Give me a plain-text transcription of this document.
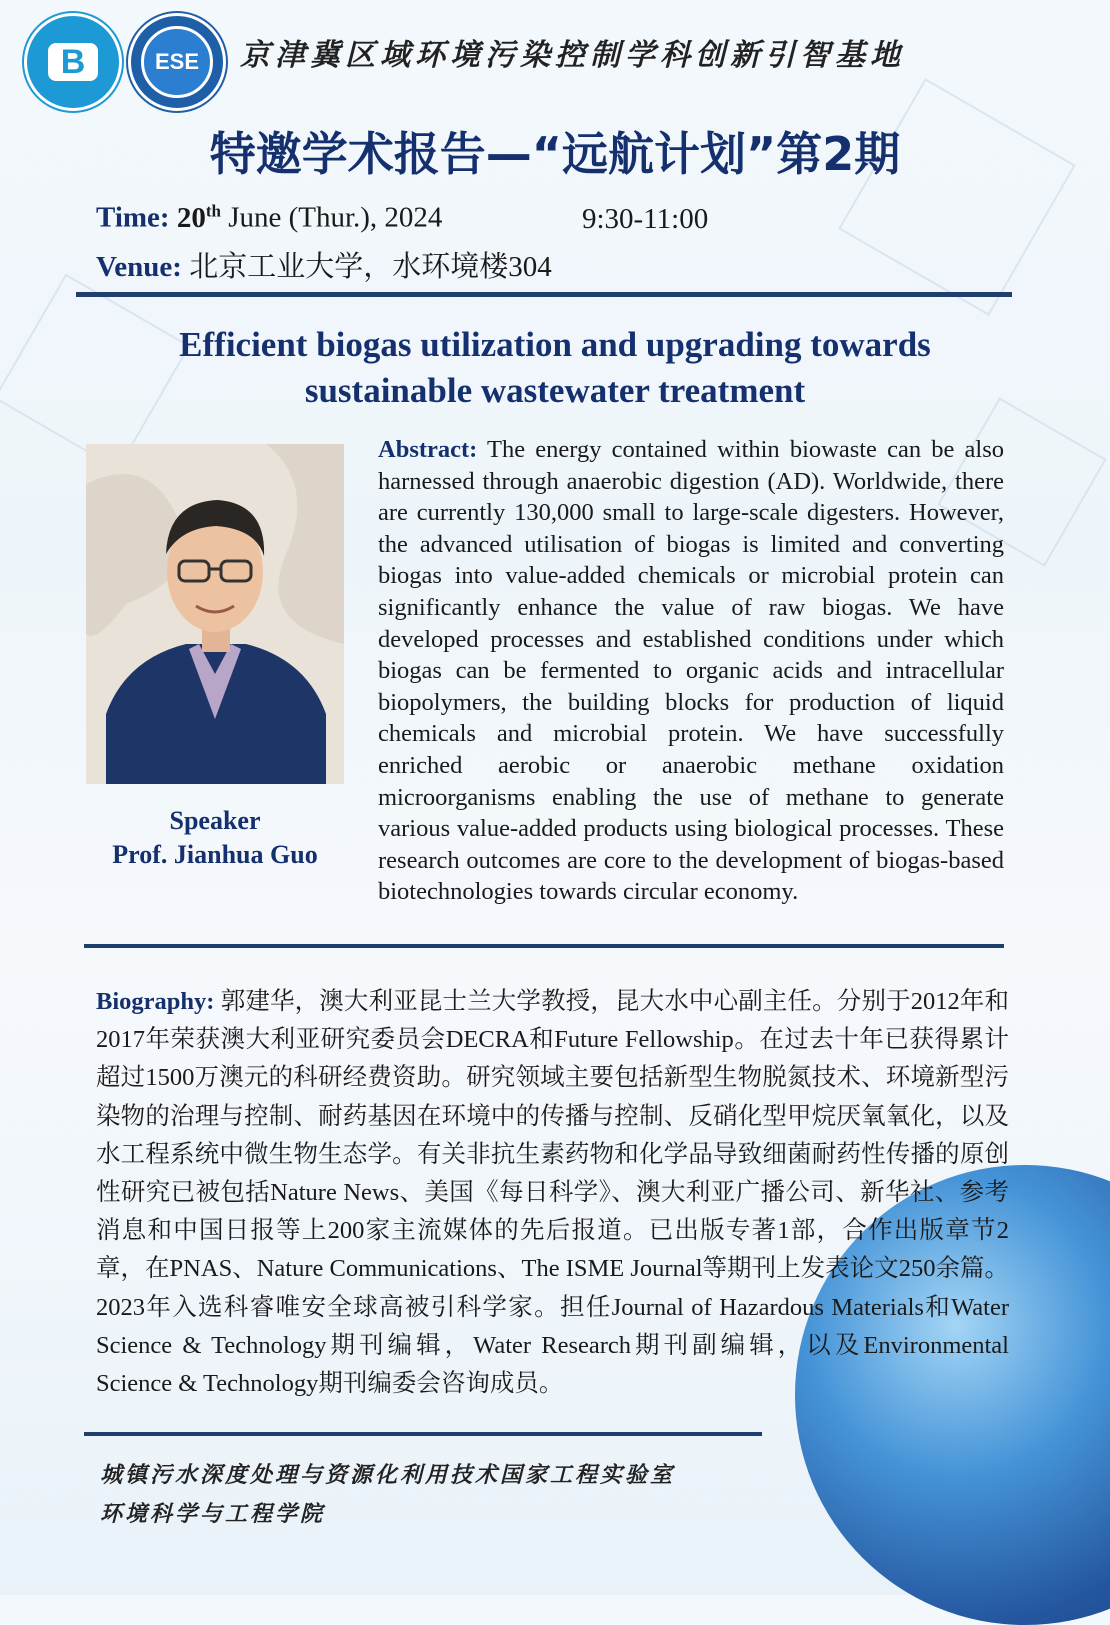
B	ESE	京津冀区域环境污染控制学科创新引智基地
特邀学术报告—“远航计划”第2期
Time: 20th June (Thur.), 2024	9:30-11:00
Venue: 北京工业大学，水环境楼304
Efficient biogas utilization and upgrading towards
sustainable wastewater treatment
Speaker
Prof. Jianhua Guo
Abstract: The energy contained within biowaste can be also harnessed through anaerobic digestion (AD). Worldwide, there are currently 130,000 small to large-scale digesters. However, the advanced utilisation of biogas is limited and converting biogas into value-added chemicals or microbial protein can significantly enhance the value of raw biogas. We have developed processes and established conditions under which biogas can be fermented to organic acids and intracellular biopolymers, the building blocks for production of liquid chemicals and microbial protein. We have successfully enriched aerobic or anaerobic methane oxidation microorganisms enabling the use of methane to generate various value-added products using biological processes. These research outcomes are core to the development of biogas-based biotechnologies towards circular economy.
Biography: 郭建华，澳大利亚昆士兰大学教授，昆大水中心副主任。分别于2012年和2017年荣获澳大利亚研究委员会DECRA和Future Fellowship。在过去十年已获得累计超过1500万澳元的科研经费资助。研究领域主要包括新型生物脱氮技术、环境新型污染物的治理与控制、耐药基因在环境中的传播与控制、反硝化型甲烷厌氧氧化，以及水工程系统中微生物生态学。有关非抗生素药物和化学品导致细菌耐药性传播的原创性研究已被包括Nature News、美国《每日科学》、澳大利亚广播公司、新华社、参考消息和中国日报等上200家主流媒体的先后报道。已出版专著1部，合作出版章节2章，在PNAS、Nature Communications、The ISME Journal等期刊上发表论文250余篇。2023年入选科睿唯安全球高被引科学家。担任Journal of Hazardous Materials和Water Science & Technology期刊编辑，Water Research期刊副编辑，以及Environmental Science & Technology期刊编委会咨询成员。
城镇污水深度处理与资源化利用技术国家工程实验室
环境科学与工程学院
